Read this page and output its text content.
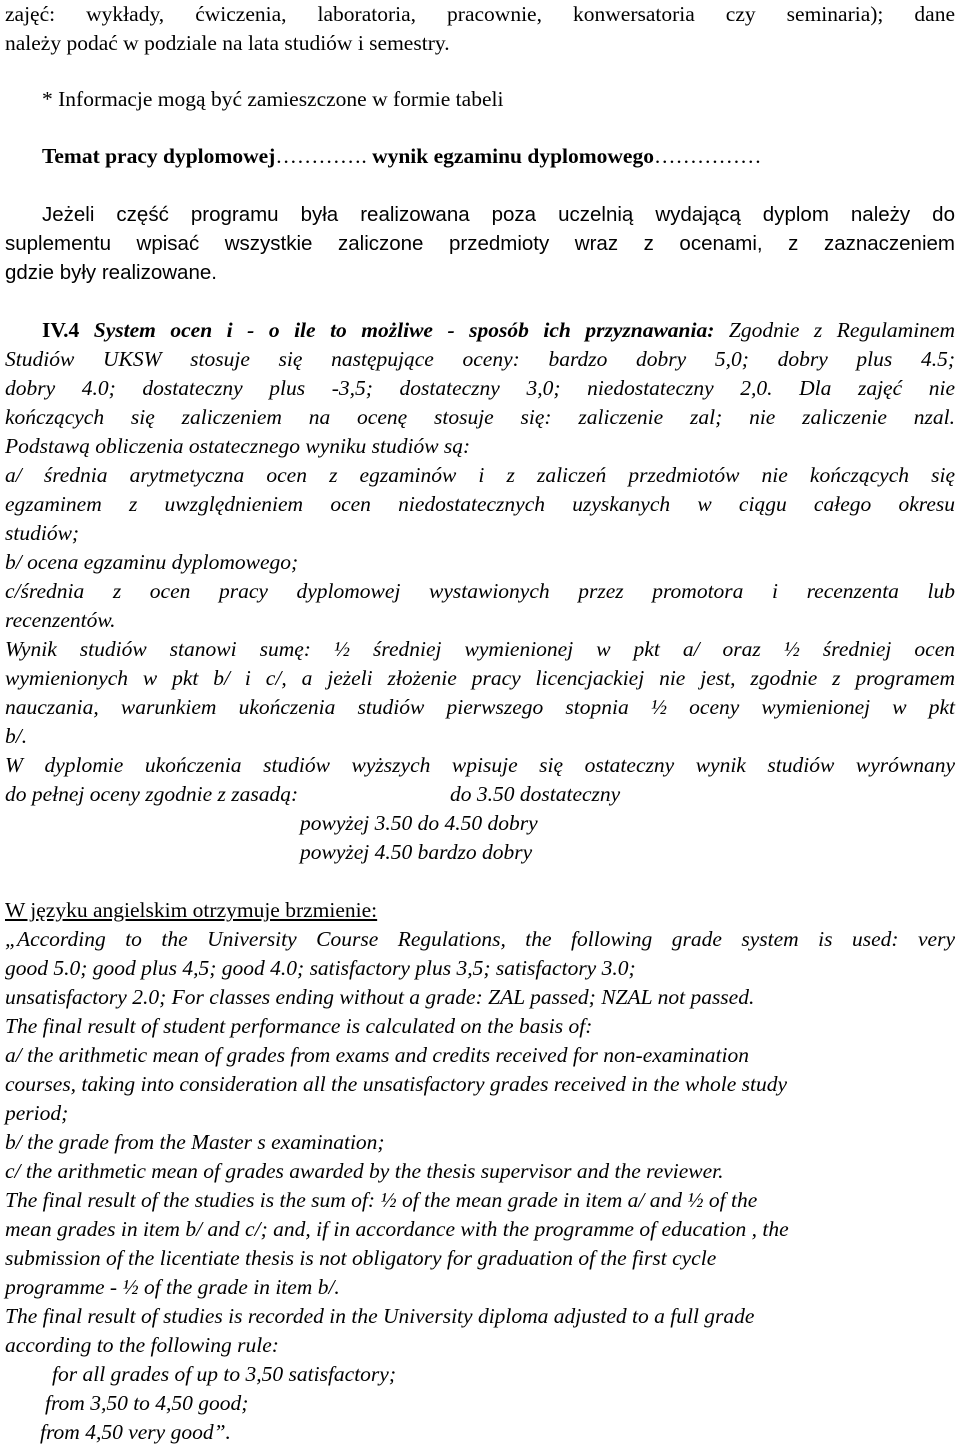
zajęć: wykłady, ćwiczenia, laboratoria, pracownie, konwersatoria czy seminaria); dane
należy podać w podziale na lata studiów i semestry.
* Informacje mogą być zamieszczone w formie tabeli
Temat pracy dyplomowej…………. wynik egzaminu dyplomowego……………
Jeżeli część programu była realizowana poza uczelnią wydającą dyplom należy do
suplementu wpisać wszystkie zaliczone przedmioty wraz z ocenami, z zaznaczeniem
gdzie były realizowane.
IV.4 System ocen i - o ile to możliwe - sposób ich przyznawania: Zgodnie z Regulaminem
Studiów UKSW stosuje się następujące oceny: bardzo dobry 5,0; dobry plus 4.5;
dobry 4.0; dostateczny plus -3,5; dostateczny 3,0; niedostateczny 2,0. Dla zajęć nie
kończących się zaliczeniem na ocenę stosuje się: zaliczenie zal; nie zaliczenie nzal.
Podstawą obliczenia ostatecznego wyniku studiów są:
a/ średnia arytmetyczna ocen z egzaminów i z zaliczeń przedmiotów nie kończących się
egzaminem z uwzględnieniem ocen niedostatecznych uzyskanych w ciągu całego okresu
studiów;
b/ ocena egzaminu dyplomowego;
c/średnia z ocen pracy dyplomowej wystawionych przez promotora i recenzenta lub
recenzentów.
Wynik studiów stanowi sumę: ½ średniej wymienionej w pkt a/ oraz ½ średniej ocen
wymienionych w pkt b/ i c/, a jeżeli złożenie pracy licencjackiej nie jest, zgodnie z programem
nauczania, warunkiem ukończenia studiów pierwszego stopnia ½ oceny wymienionej w pkt
b/.
W dyplomie ukończenia studiów wyższych wpisuje się ostateczny wynik studiów wyrównany
do pełnej oceny zgodnie z zasadą:	do 3.50 dostateczny
powyżej 3.50 do 4.50 dobry
powyżej 4.50 bardzo dobry
W języku angielskim otrzymuje brzmienie:
„According to the University Course Regulations, the following grade system is used: very
good 5.0; good plus 4,5; good 4.0; satisfactory plus 3,5; satisfactory 3.0;
unsatisfactory 2.0; For classes ending without a grade: ZAL passed; NZAL not passed.
The final result of student performance is calculated on the basis of:
a/ the arithmetic mean of grades from exams and credits received for non-examination
courses, taking into consideration all the unsatisfactory grades received in the whole study
period;
b/ the grade from the Master s examination;
c/ the arithmetic mean of grades awarded by the thesis supervisor and the reviewer.
The final result of the studies is the sum of: ½ of the mean grade in item a/ and ½ of the
mean grades in item b/ and c/; and, if in accordance with the programme of education , the
submission of the licentiate thesis is not obligatory for graduation of the first cycle
programme - ½ of the grade in item b/.
The final result of studies is recorded in the University diploma adjusted to a full grade
according to the following rule:
for all grades of up to 3,50 satisfactory;
from 3,50 to 4,50 good;
from 4,50 very good”.
